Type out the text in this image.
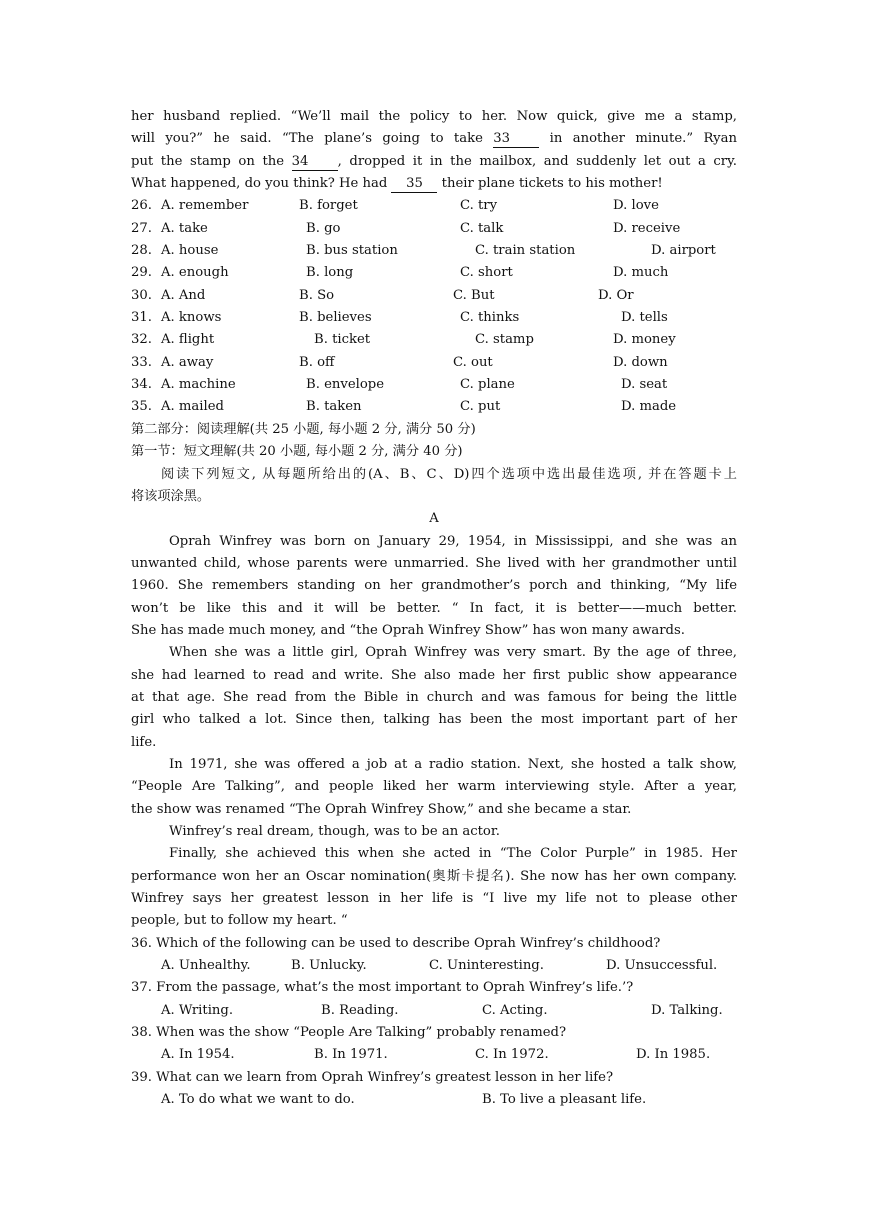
her husband replied. “We’ll mail the policy to her. Now quick, give me a stamp,
will you?” he said. “The plane’s going to take 33 in another minute.” Ryan
put the stamp on the 34 , dropped it in the mailbox, and suddenly let out a cry.
What happened, do you think? He had 35 their plane tickets to his mother!
26. A. remember	B. forget	C. try	D. love
27. A. take	B. go	C. talk	D. receive
28. A. house	B. bus station	C. train station	D. airport
29. A. enough	B. long	C. short	D. much
30. A. And	B. So	C. But	D. Or
31. A. knows	B. believes	C. thinks	D. tells
32. A. flight	B. ticket	C. stamp	D. money
33. A. away	B. off	C. out	D. down
34. A. machine	B. envelope	C. plane	D. seat
35. A. mailed	B. taken	C. put	D. made
第二部分：阅读理解(共 25 小题, 每小题 2 分, 满分 50 分)
第一节：短文理解(共 20 小题, 每小题 2 分, 满分 40 分)
阅读下列短文, 从每题所给出的(A、B、C、D)四个选项中选出最佳选项, 并在答题卡上
将该项涂黑。
A
Oprah Winfrey was born on January 29, 1954, in Mississippi, and she was an
unwanted child, whose parents were unmarried. She lived with her grandmother until
1960. She remembers standing on her grandmother’s porch and thinking, “My life
won’t be like this and it will be better. “ In fact, it is better——much better.
She has made much money, and “the Oprah Winfrey Show” has won many awards.
When she was a little girl, Oprah Winfrey was very smart. By the age of three,
she had learned to read and write. She also made her first public show appearance
at that age. She read from the Bible in church and was famous for being the little
girl who talked a lot. Since then, talking has been the most important part of her
life.
In 1971, she was offered a job at a radio station. Next, she hosted a talk show,
“People Are Talking”, and people liked her warm interviewing style. After a year,
the show was renamed “The Oprah Winfrey Show,” and she became a star.
Winfrey’s real dream, though, was to be an actor.
Finally, she achieved this when she acted in “The Color Purple” in 1985. Her
performance won her an Oscar nomination(奥斯卡提名). She now has her own company.
Winfrey says her greatest lesson in her life is “I live my life not to please other
people, but to follow my heart. “
36. Which of the following can be used to describe Oprah Winfrey’s childhood?
A. Unhealthy.	B. Unlucky.	C. Uninteresting.	D. Unsuccessful.
37. From the passage, what’s the most important to Oprah Winfrey’s life.’?
A. Writing.	B. Reading.	C. Acting.	D. Talking.
38. When was the show “People Are Talking” probably renamed?
A. In 1954.	B. In 1971.	C. In 1972.	D. In 1985.
39. What can we learn from Oprah Winfrey’s greatest lesson in her life?
A. To do what we want to do.	B. To live a pleasant life.
